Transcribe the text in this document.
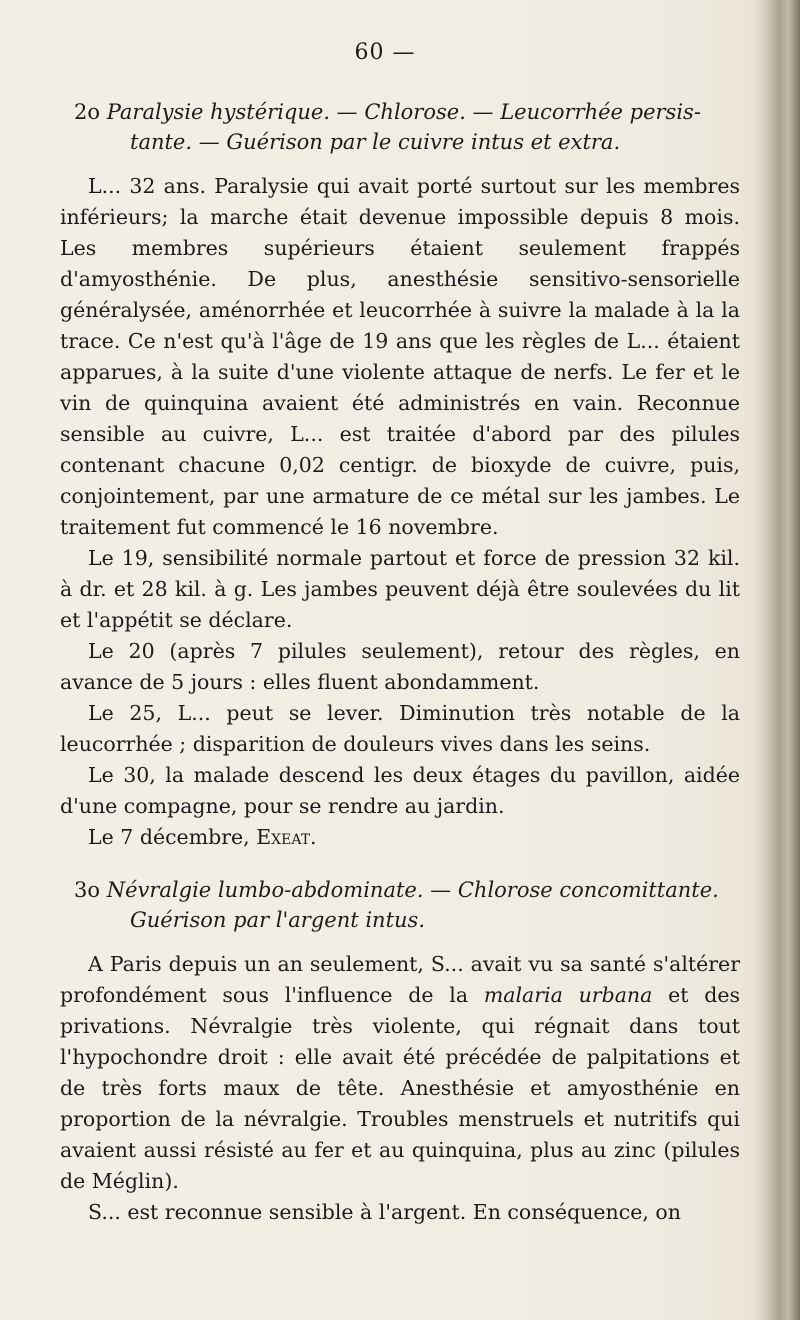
60 —
2o Paralysie hystérique. — Chlorose. — Leucorrhée persis-
tante. — Guérison par le cuivre intus et extra.

L... 32 ans. Paralysie qui avait porté surtout sur les membres inférieurs; la marche était devenue impossible depuis 8 mois. Les membres supérieurs étaient seulement frappés d'amyosthénie. De plus, anesthésie sensitivo-sensorielle généralysée, aménorrhée et leucorrhée à suivre la malade à la la trace. Ce n'est qu'à l'âge de 19 ans que les règles de L... étaient apparues, à la suite d'une violente attaque de nerfs. Le fer et le vin de quinquina avaient été administrés en vain. Reconnue sensible au cuivre, L... est traitée d'abord par des pilules contenant chacune 0,02 centigr. de bioxyde de cuivre, puis, conjointement, par une armature de ce métal sur les jambes. Le traitement fut commencé le 16 novembre.

Le 19, sensibilité normale partout et force de pression 32 kil. à dr. et 28 kil. à g. Les jambes peuvent déjà être soulevées du lit et l'appétit se déclare.

Le 20 (après 7 pilules seulement), retour des règles, en avance de 5 jours : elles fluent abondamment.

Le 25, L... peut se lever. Diminution très notable de la leucorrhée ; disparition de douleurs vives dans les seins.

Le 30, la malade descend les deux étages du pavillon, aidée d'une compagne, pour se rendre au jardin.

Le 7 décembre, Exeat.

3o Névralgie lumbo-abdominate. — Chlorose concomittante.
Guérison par l'argent intus.

A Paris depuis un an seulement, S... avait vu sa santé s'altérer profondément sous l'influence de la malaria urbana et des privations. Névralgie très violente, qui régnait dans tout l'hypochondre droit : elle avait été précédée de palpitations et de très forts maux de tête. Anesthésie et amyosthénie en proportion de la névralgie. Troubles menstruels et nutritifs qui avaient aussi résisté au fer et au quinquina, plus au zinc (pilules de Méglin).

S... est reconnue sensible à l'argent. En conséquence, on
